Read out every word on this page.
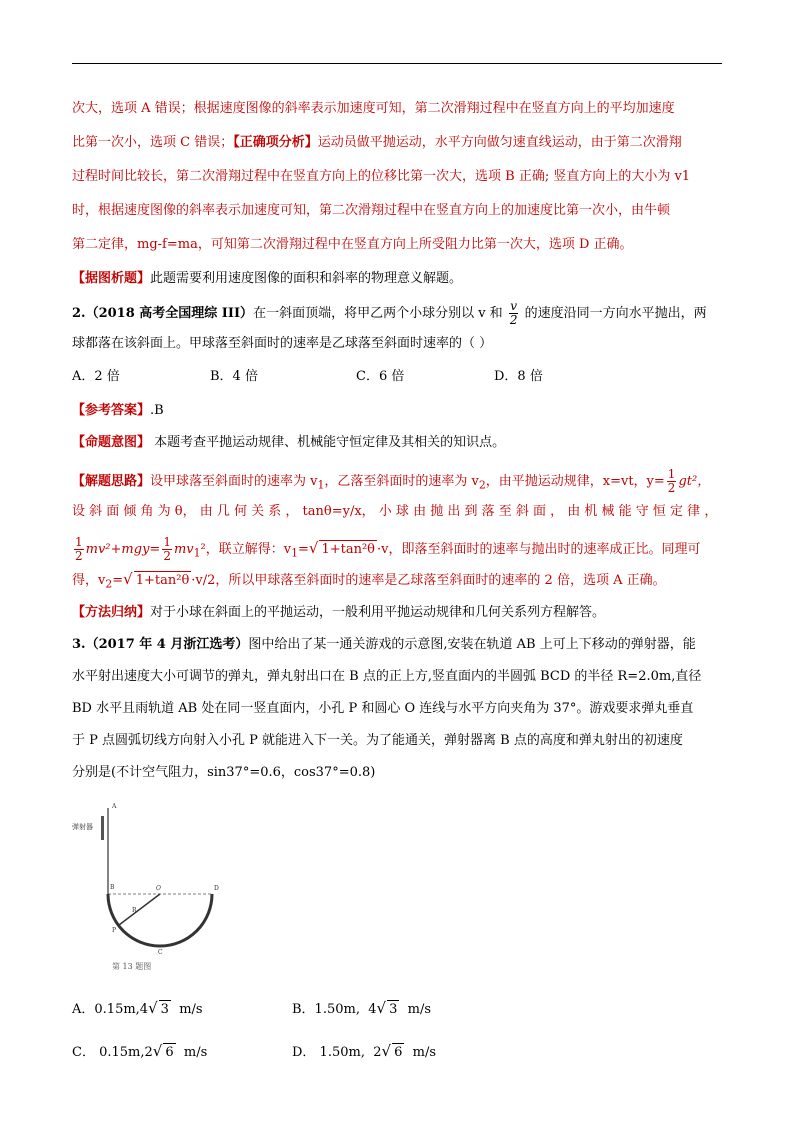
次大，选项 A 错误；根据速度图像的斜率表示加速度可知，第二次滑翔过程中在竖直方向上的平均加速度
比第一次小，选项 C 错误；【正确项分析】运动员做平抛运动，水平方向做匀速直线运动，由于第二次滑翔
过程时间比较长，第二次滑翔过程中在竖直方向上的位移比第一次大，选项 B 正确; 竖直方向上的大小为 v1
时，根据速度图像的斜率表示加速度可知，第二次滑翔过程中在竖直方向上的加速度比第一次小，由牛顿
第二定律，mg-f=ma，可知第二次滑翔过程中在竖直方向上所受阻力比第一次大，选项 D 正确。
【据图析题】此题需要利用速度图像的面积和斜率的物理意义解题。
2.（2018 高考全国理综 III）在一斜面顶端，将甲乙两个小球分别以 v 和 $\frac{v}{2}$ 的速度沿同一方向水平抛出，两
球都落在该斜面上。甲球落至斜面时的速率是乙球落至斜面时速率的（ ）
A．2 倍	B．4 倍	C．6 倍	D．8 倍
【参考答案】.B
【命题意图】 本题考查平抛运动规律、机械能守恒定律及其相关的知识点。
【解题思路】设甲球落至斜面时的速率为 $v_1$，乙落至斜面时的速率为 $v_2$，由平抛运动规律，x=vt，$y= \frac{1}{2} gt^2$，
设 斜 面 倾 角 为 θ， 由 几 何 关 系 ， tanθ=y/x， 小 球 由 抛 出 到 落 至 斜 面 ， 由 机 械 能 守 恒 定 律 ，
$\frac{1}{2} mv^2+mgy= \frac{1}{2} mv_1^2$，联立解得：$v_1=√$ 1+tan²θ ·v，即落至斜面时的速率与抛出时的速率成正比。同理可
得，$v_2=√$ 1+tan²θ ·v/2，所以甲球落至斜面时的速率是乙球落至斜面时的速率的 2 倍，选项 A 正确。
【方法归纳】对于小球在斜面上的平抛运动，一般利用平抛运动规律和几何关系列方程解答。
3.（2017 年 4 月浙江选考）图中给出了某一通关游戏的示意图,安装在轨道 AB 上可上下移动的弹射器，能
水平射出速度大小可调节的弹丸，弹丸射出口在 B 点的正上方,竖直面内的半圆弧 BCD 的半径 R=2.0m,直径
BD 水平且雨轨道 AB 处在同一竖直面内，小孔 P 和圆心 O 连线与水平方向夹角为 37°。游戏要求弹丸垂直
于 P 点圆弧切线方向射入小孔 P 就能进入下一关。为了能通关，弹射器离 B 点的高度和弹丸射出的初速度
分别是(不计空气阻力，sin37°=0.6，cos37°=0.8)
弹射器
A
B	D
O
R
P
C
第 13 题图
A．0.15m,4√ 3 m/s	B．1.50m, 4√ 3 m/s
C． 0.15m,2√ 6 m/s	D． 1.50m, 2√ 6 m/s
